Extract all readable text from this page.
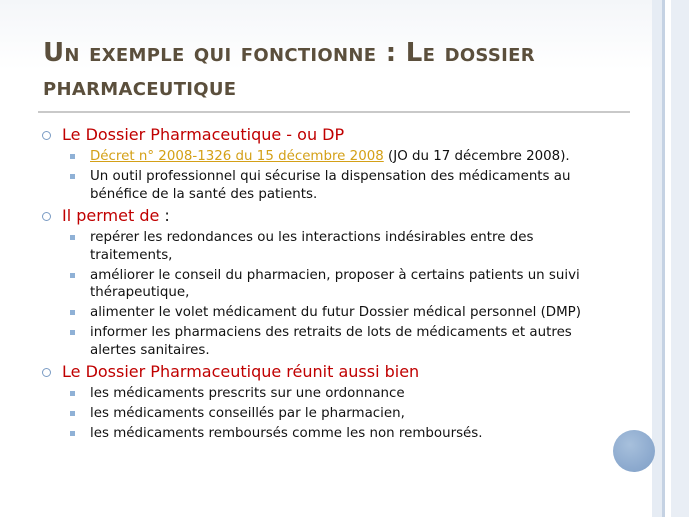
Un exemple qui fonctionne : Le dossier pharmaceutique
Le Dossier Pharmaceutique - ou DP
Décret n° 2008-1326 du 15 décembre 2008 (JO du 17 décembre 2008).
Un outil professionnel qui sécurise la dispensation des médicaments au bénéfice de la santé des patients.
Il permet de :
repérer les redondances ou les interactions indésirables entre des traitements,
améliorer le conseil du pharmacien, proposer à certains patients un suivi thérapeutique,
alimenter le volet médicament du futur Dossier médical personnel (DMP)
informer les pharmaciens des retraits de lots de médicaments et autres alertes sanitaires.
Le Dossier Pharmaceutique réunit aussi bien
les médicaments prescrits sur une ordonnance
les médicaments conseillés par le pharmacien,
les médicaments remboursés comme les non remboursés.
